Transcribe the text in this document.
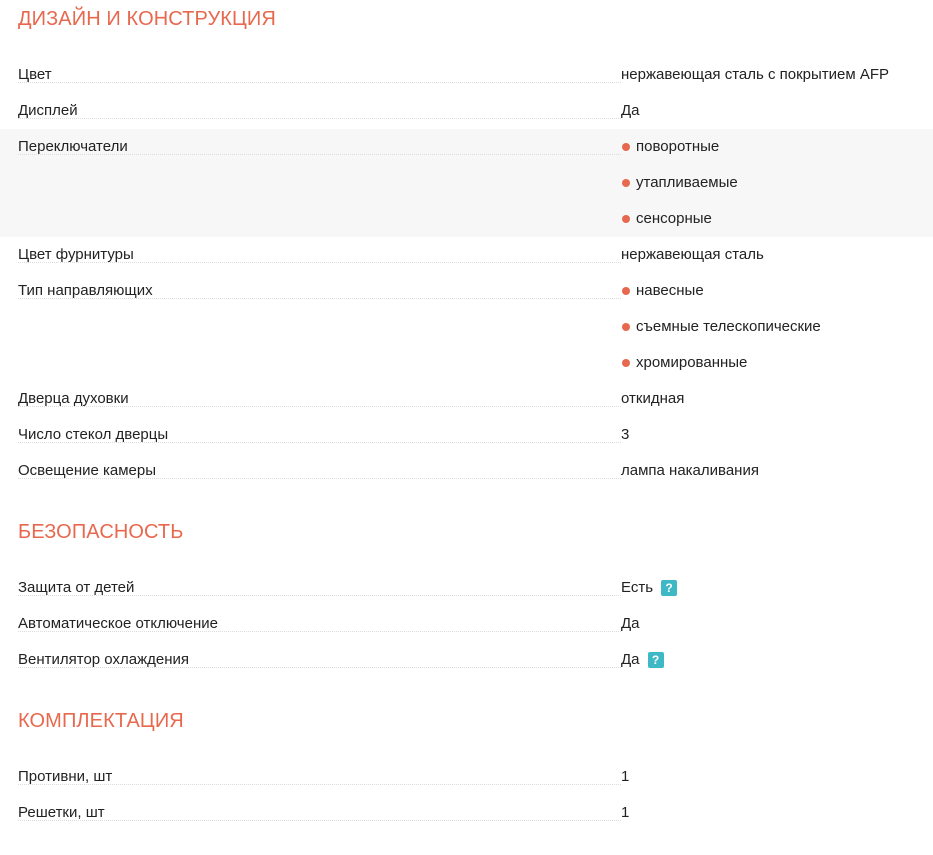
ДИЗАЙН И КОНСТРУКЦИЯ
Цвет	нержавеющая сталь с покрытием AFP
Дисплей	Да
Переключатели	поворотные
утапливаемые
сенсорные
Цвет фурнитуры	нержавеющая сталь
Тип направляющих	навесные
съемные телескопические
хромированные
Дверца духовки	откидная
Число стекол дверцы	3
Освещение камеры	лампа накаливания
БЕЗОПАСНОСТЬ
Защита от детей	Есть	?
Автоматическое отключение	Да
Вентилятор охлаждения	Да	?
КОМПЛЕКТАЦИЯ
Противни, шт	1
Решетки, шт	1
